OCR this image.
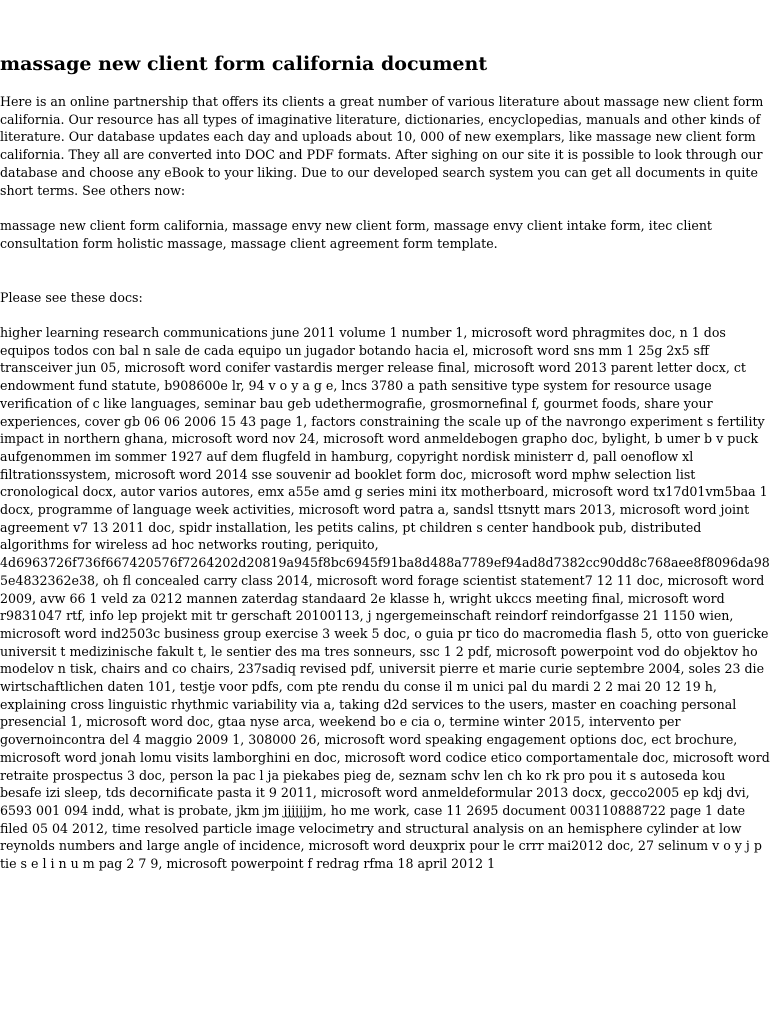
massage new client form california document

Here is an online partnership that offers its clients a great number of various literature about massage new client form california. Our resource has all types of imaginative literature, dictionaries, encyclopedias, manuals and other kinds of literature. Our database updates each day and uploads about 10, 000 of new exemplars, like massage new client form california. They all are converted into DOC and PDF formats. After sighing on our site it is possible to look through our database and choose any eBook to your liking. Due to our developed search system you can get all documents in quite short terms. See others now:

massage new client form california, massage envy new client form, massage envy client intake form, itec client consultation form holistic massage, massage client agreement form template.

Please see these docs:

higher learning research communications june 2011 volume 1 number 1, microsoft word phragmites doc, n 1 dos equipos todos con bal n sale de cada equipo un jugador botando hacia el, microsoft word sns mm 1 25g 2x5 sff transceiver jun 05, microsoft word conifer vastardis merger release final, microsoft word 2013 parent letter docx, ct endowment fund statute, b908600e lr, 94 v o y a g e, lncs 3780 a path sensitive type system for resource usage verification of c like languages, seminar bau geb udethermografie, grosmornefinal f, gourmet foods, share your experiences, cover gb 06 06 2006 15 43 page 1, factors constraining the scale up of the navrongo experiment s fertility impact in northern ghana, microsoft word nov 24, microsoft word anmeldebogen grapho doc, bylight, b umer b v puck aufgenommen im sommer 1927 auf dem flugfeld in hamburg, copyright nordisk ministerr d, pall oenoflow xl filtrationssystem, microsoft word 2014 sse souvenir ad booklet form doc, microsoft word mphw selection list cronological docx, autor varios autores, emx a55e amd g series mini itx motherboard, microsoft word tx17d01vm5baa 1 docx, programme of language week activities, microsoft word patra a, sandsl ttsnytt mars 2013, microsoft word joint agreement v7 13 2011 doc, spidr installation, les petits calins, pt children s center handbook pub, distributed algorithms for wireless ad hoc networks routing, periquito, 4d6963726f736f667420576f7264202d20819a945f8bc6945f91ba8d488a7789ef94ad8d7382cc90dd8c768aee8f8096da985e4832362e38, oh fl concealed carry class 2014, microsoft word forage scientist statement7 12 11 doc, microsoft word 2009, avw 66 1 veld za 0212 mannen zaterdag standaard 2e klasse h, wright ukccs meeting final, microsoft word r9831047 rtf, info lep projekt mit tr gerschaft 20100113, j ngergemeinschaft reindorf reindorfgasse 21 1150 wien, microsoft word ind2503c business group exercise 3 week 5 doc, o guia pr tico do macromedia flash 5, otto von guericke universit t medizinische fakult t, le sentier des ma tres sonneurs, ssc 1 2 pdf, microsoft powerpoint vod do objektov ho modelov n tisk, chairs and co chairs, 237sadiq revised pdf, universit pierre et marie curie septembre 2004, soles 23 die wirtschaftlichen daten 101, testje voor pdfs, com pte rendu du conse il m unici pal du mardi 2 2 mai 20 12 19 h, explaining cross linguistic rhythmic variability via a, taking d2d services to the users, master en coaching personal presencial 1, microsoft word doc, gtaa nyse arca, weekend bo e cia o, termine winter 2015, intervento per governoincontra del 4 maggio 2009 1, 308000 26, microsoft word speaking engagement options doc, ect brochure, microsoft word jonah lomu visits lamborghini en doc, microsoft word codice etico comportamentale doc, microsoft word retraite prospectus 3 doc, person la pac l ja piekabes pieg de, seznam schv len ch ko rk pro pou it s autoseda kou besafe izi sleep, tds decornificate pasta it 9 2011, microsoft word anmeldeformular 2013 docx, gecco2005 ep kdj dvi, 6593 001 094 indd, what is probate, jkm jm jjjjjjjm, ho me work, case 11 2695 document 003110888722 page 1 date filed 05 04 2012, time resolved particle image velocimetry and structural analysis on an hemisphere cylinder at low reynolds numbers and large angle of incidence, microsoft word deuxprix pour le crrr mai2012 doc, 27 selinum v o y j p tie s e l i n u m pag 2 7 9, microsoft powerpoint f redrag rfma 18 april 2012 1
